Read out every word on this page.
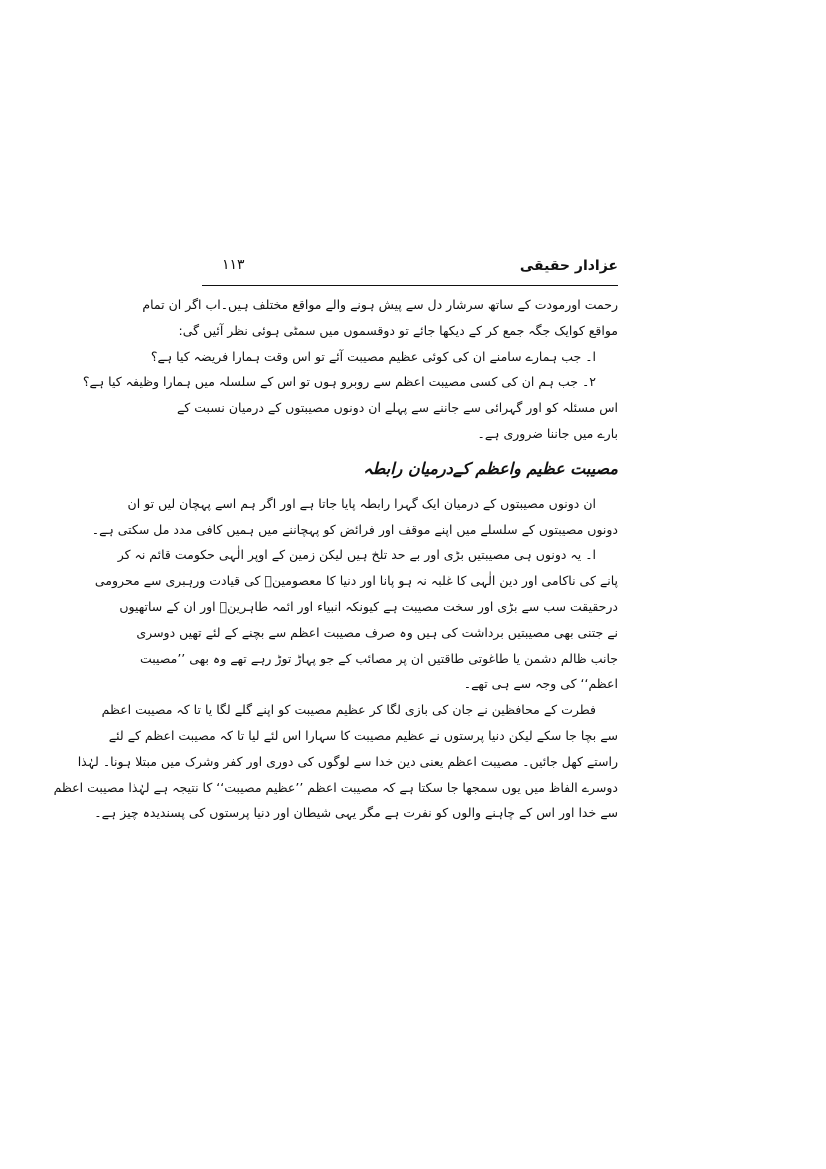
عزادار حقیقی
۱۱۳
رحمت اورمودت کے ساتھ سرشار دل سے پیش ہونے والے مواقع مختلف ہیں۔اب اگر ان تمام
مواقع کوایک جگہ جمع کر کے دیکھا جائے تو دوقسموں میں سمٹی ہوئی نظر آئیں گی:
ا۔ جب ہمارے سامنے ان کی کوئی عظیم مصیبت آئے تو اس وقت ہمارا فریضہ کیا ہے؟
۲۔ جب ہم ان کی کسی مصیبت اعظم سے روبرو ہوں تو اس کے سلسلہ میں ہمارا وظیفہ کیا ہے؟
اس مسئلہ کو اور گہرائی سے جاننے سے پہلے ان دونوں مصیبتوں کے درمیان نسبت کے
بارے میں جاننا ضروری ہے۔
مصیبت عظیم واعظم کےدرمیان رابطہ
ان دونوں مصیبتوں کے درمیان ایک گہرا رابطہ پایا جاتا ہے اور اگر ہم اسے پہچان لیں تو ان
دونوں مصیبتوں کے سلسلے میں اپنے موقف اور فرائض کو پہچاننے میں ہمیں کافی مدد مل سکتی ہے۔
ا۔ یہ دونوں ہی مصیبتیں بڑی اور بے حد تلخ ہیں لیکن زمین کے اوپر الٰہی حکومت قائم نہ کر
پانے کی ناکامی اور دین الٰہی کا غلبہ نہ ہو پانا اور دنیا کا معصومینؑ کی قیادت ورہبری سے محرومی
درحقیقت سب سے بڑی اور سخت مصیبت ہے کیونکہ انبیاء اور ائمہ طاہرینؑ اور ان کے ساتھیوں
نے جتنی بھی مصیبتیں برداشت کی ہیں وہ صرف مصیبت اعظم سے بچنے کے لئے تھیں دوسری
جانب ظالم دشمن یا طاغوتی طاقتیں ان پر مصائب کے جو پہاڑ توڑ رہے تھے وہ بھی ’’مصیبت
اعظم‘‘ کی وجہ سے ہی تھے۔
فطرت کے محافظین نے جان کی بازی لگا کر عظیم مصیبت کو اپنے گلے لگا یا تا کہ مصیبت اعظم
سے بچا جا سکے لیکن دنیا پرستوں نے عظیم مصیبت کا سہارا اس لئے لیا تا کہ مصیبت اعظم کے لئے
راستے کھل جائیں۔ مصیبت اعظم یعنی دین خدا سے لوگوں کی دوری اور کفر وشرک میں مبتلا ہونا۔ لہٰذا
دوسرے الفاظ میں یوں سمجھا جا سکتا ہے کہ مصیبت اعظم ’’عظیم مصیبت‘‘ کا نتیجہ ہے لہٰذا مصیبت اعظم
سے خدا اور اس کے چاہنے والوں کو نفرت ہے مگر یہی شیطان اور دنیا پرستوں کی پسندیدہ چیز ہے۔
